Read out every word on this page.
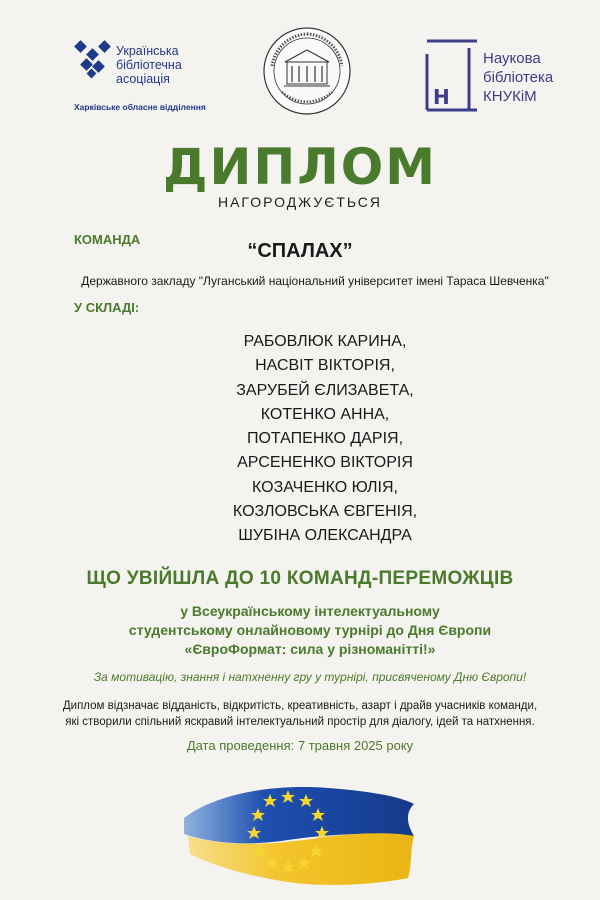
Українська
бібліотечна
асоціація
Харківське обласне відділення	Н
Наукова
бібліотека
КНУКіМ
ДИПЛОМ
НАГОРОДЖУЄТЬСЯ
КОМАНДА
“СПАЛАХ”
Державного закладу "Луганський національний університет імені Тараса Шевченка"
У СКЛАДІ:
РАБОВЛЮК КАРИНА,
НАСВІТ ВІКТОРІЯ,
ЗАРУБЕЙ ЄЛИЗАВЕТА,
КОТЕНКО АННА,
ПОТАПЕНКО ДАРІЯ,
АРСЕНЕНКО ВІКТОРІЯ
КОЗАЧЕНКО ЮЛІЯ,
КОЗЛОВСЬКА ЄВГЕНІЯ,
ШУБІНА ОЛЕКСАНДРА
ЩО УВІЙШЛА ДО 10 КОМАНД-ПЕРЕМОЖЦІВ
у Всеукраїнському інтелектуальному
студентському онлайновому турнірі до Дня Європи
«ЄвроФормат: сила у різноманітті!»
За мотивацію, знання і натхненну гру у турнірі, присвяченому Дню Європи!
Диплом відзначає відданість, відкритість, креативність, азарт і драйв учасників команди,
які створили спільний яскравий інтелектуальний простір для діалогу, ідей та натхнення.
Дата проведення: 7 травня 2025 року
